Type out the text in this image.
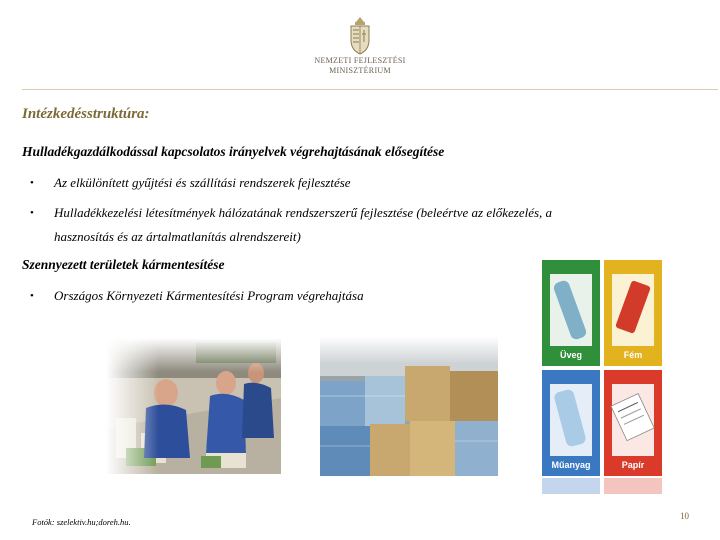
NEMZETI FEJLESZTÉSI
MINISZTÉRIUM
Intézkedésstruktúra:
Hulladékgazdálkodással kapcsolatos irányelvek végrehajtásának elősegítése
• Az elkülönített gyűjtési és szállítási rendszerek fejlesztése
• Hulladékkezelési létesítmények hálózatának rendszerszerű fejlesztése (beleértve az előkezelés, a
hasznosítás és az ártalmatlanítás alrendszereit)
Szennyezett területek kármentesítése
• Országos Környezeti Kármentesítési Program végrehajtása
Üveg	Fém
Műanyag	Papír
Fotók: szelektiv.hu;doreh.hu.
10
